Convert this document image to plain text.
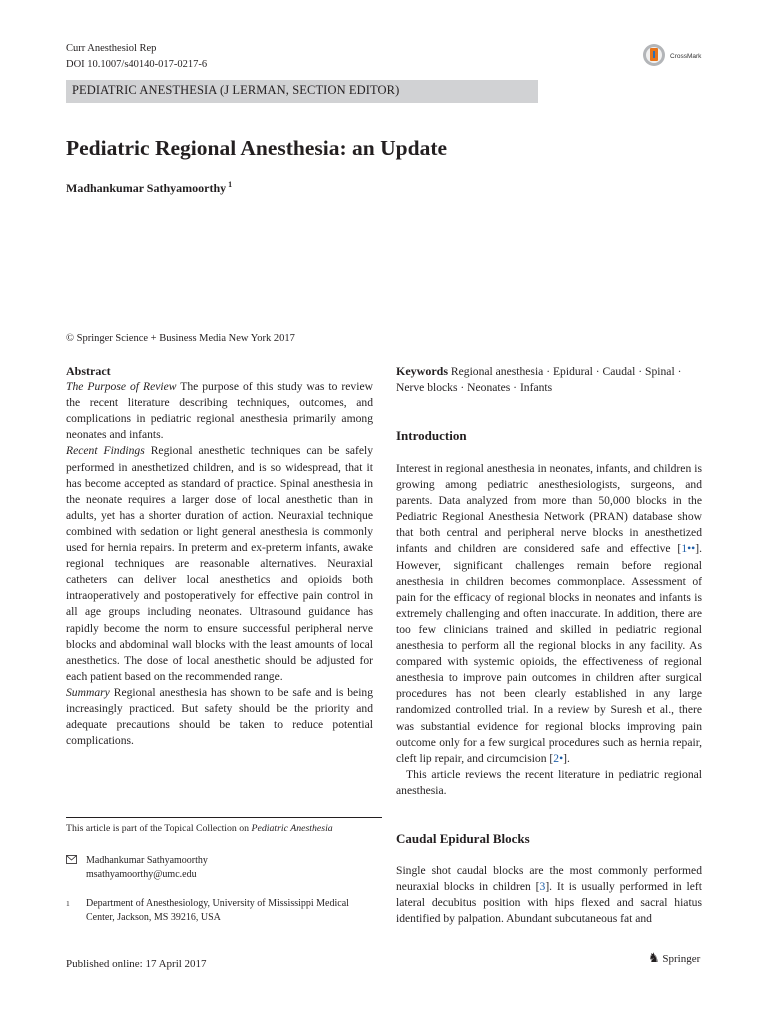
Curr Anesthesiol Rep
DOI 10.1007/s40140-017-0217-6
CrossMark
PEDIATRIC ANESTHESIA (J LERMAN, SECTION EDITOR)
Pediatric Regional Anesthesia: an Update
Madhankumar Sathyamoorthy $^1$
© Springer Science + Business Media New York 2017

Abstract

The Purpose of Review The purpose of this study was to review the recent literature describing techniques, outcomes, and complications in pediatric regional anesthesia primarily among neonates and infants.

Recent Findings Regional anesthetic techniques can be safely performed in anesthetized children, and is so widespread, that it has become accepted as standard of practice. Spinal anesthesia in the neonate requires a larger dose of local anesthetic than in adults, yet has a shorter duration of action. Neuraxial technique combined with sedation or light general anesthesia is commonly used for hernia repairs. In preterm and ex-preterm infants, awake regional techniques are reasonable alternatives. Neuraxial catheters can deliver local anesthetics and opioids both intraoperatively and postoperatively for effective pain control in all age groups including neonates. Ultrasound guidance has rapidly become the norm to ensure successful peripheral nerve blocks and abdominal wall blocks with the least amounts of local anesthetics. The dose of local anesthetic should be adjusted for each patient based on the recommended range.

Summary Regional anesthesia has shown to be safe and is being increasingly practiced. But safety should be the priority and adequate precautions should be taken to reduce potential complications.

Keywords Regional anesthesia · Epidural · Caudal · Spinal · Nerve blocks · Neonates · Infants

Introduction

Interest in regional anesthesia in neonates, infants, and children is growing among pediatric anesthesiologists, surgeons, and parents. Data analyzed from more than 50,000 blocks in the Pediatric Regional Anesthesia Network (PRAN) database show that both central and peripheral nerve blocks in anesthetized infants and children are considered safe and effective [1••]. However, significant challenges remain before regional anesthesia in children becomes commonplace. Assessment of pain for the efficacy of regional blocks in neonates and infants is extremely challenging and often inaccurate. In addition, there are too few clinicians trained and skilled in pediatric regional anesthesia to perform all the regional blocks in any facility. As compared with systemic opioids, the effectiveness of regional anesthesia to improve pain outcomes in children after surgical procedures has not been clearly established in any large randomized controlled trial. In a review by Suresh et al., there was substantial evidence for regional blocks improving pain outcome only for a few surgical procedures such as hernia repair, cleft lip repair, and circumcision [2•].

This article reviews the recent literature in pediatric regional anesthesia.

Caudal Epidural Blocks

Single shot caudal blocks are the most commonly performed neuraxial blocks in children [3]. It is usually performed in left lateral decubitus position with hips flexed and sacral hiatus identified by palpation. Abundant subcutaneous fat and

This article is part of the Topical Collection on Pediatric Anesthesia
Madhankumar Sathyamoorthy
msathyamoorthy@umc.edu
1	Department of Anesthesiology, University of Mississippi Medical Center, Jackson, MS 39216, USA
Published online: 17 April 2017	♞ Springer
